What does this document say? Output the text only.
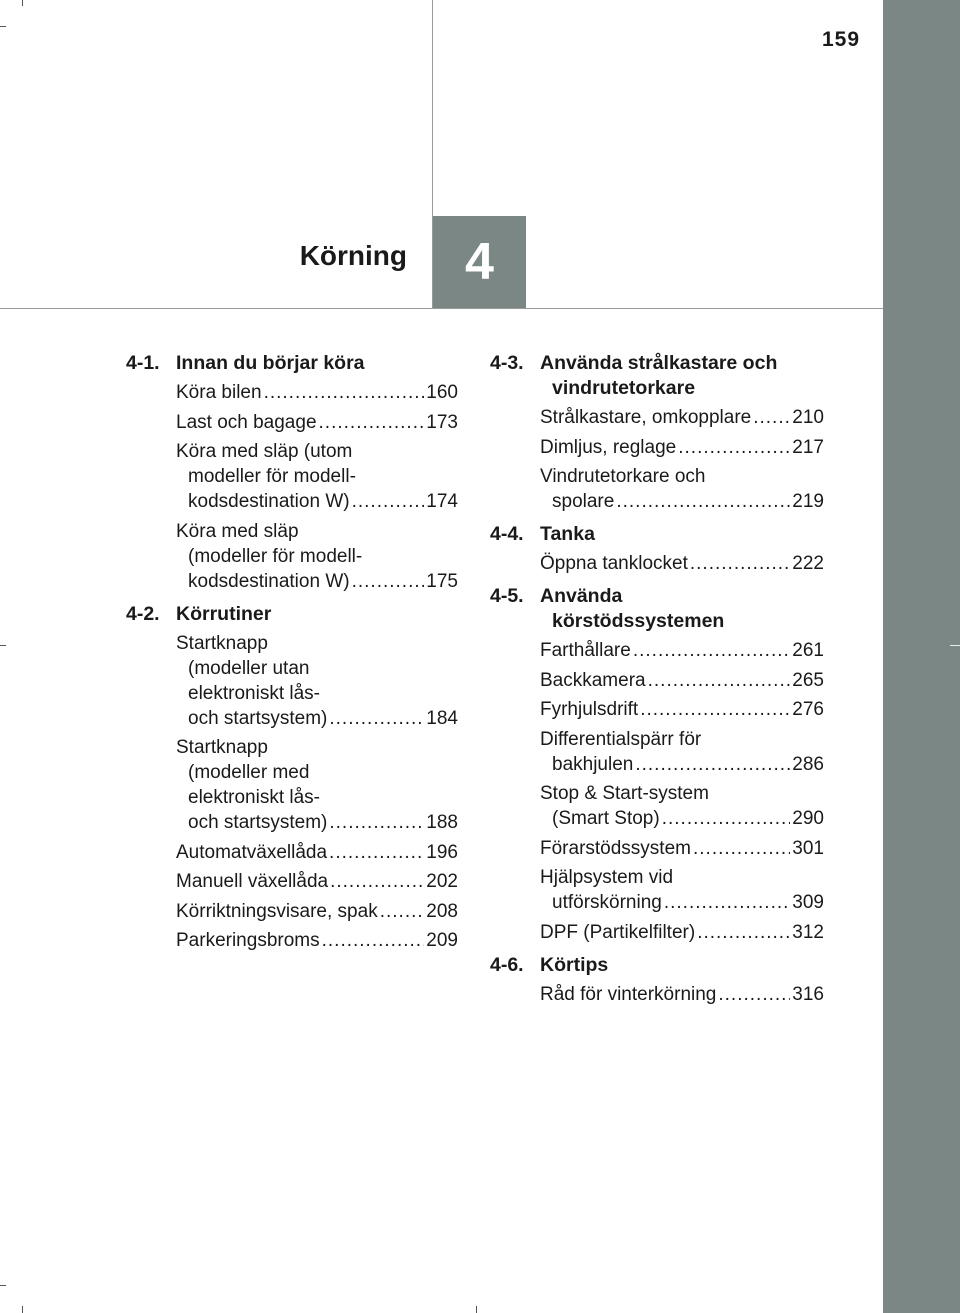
159
Körning 4
4-1. Innan du börjar köra
Köra bilen .....	160
Last och bagage .....	173
Köra med släp (utom
modeller för modell-
kodsdestination W) .....	174
Köra med släp
(modeller för modell-
kodsdestination W) .....	175
4-2. Körrutiner
Startknapp
(modeller utan
elektroniskt lås-
och startsystem) .....	184
Startknapp
(modeller med
elektroniskt lås-
och startsystem) .....	188
Automatväxellåda .....	196
Manuell växellåda .....	202
Körriktningsvisare, spak .....	208
Parkeringsbroms .....	209
4-3. Använda strålkastare och
vindrutetorkare
Strålkastare, omkopplare ..... 210
Dimljus, reglage .....	217
Vindrutetorkare och
spolare .....	219
4-4. Tanka
Öppna tanklocket .....	222
4-5. Använda
körstödssystemen
Farthållare .....	261
Backkamera .....	265
Fyrhjulsdrift .....	276
Differentialspärr för
bakhjulen .....	286
Stop & Start-system
(Smart Stop) .....	290
Förarstödssystem .....	301
Hjälpsystem vid
utförskörning .....	309
DPF (Partikelfilter) .....	312
4-6. Körtips
Råd för vinterkörning .....	316
